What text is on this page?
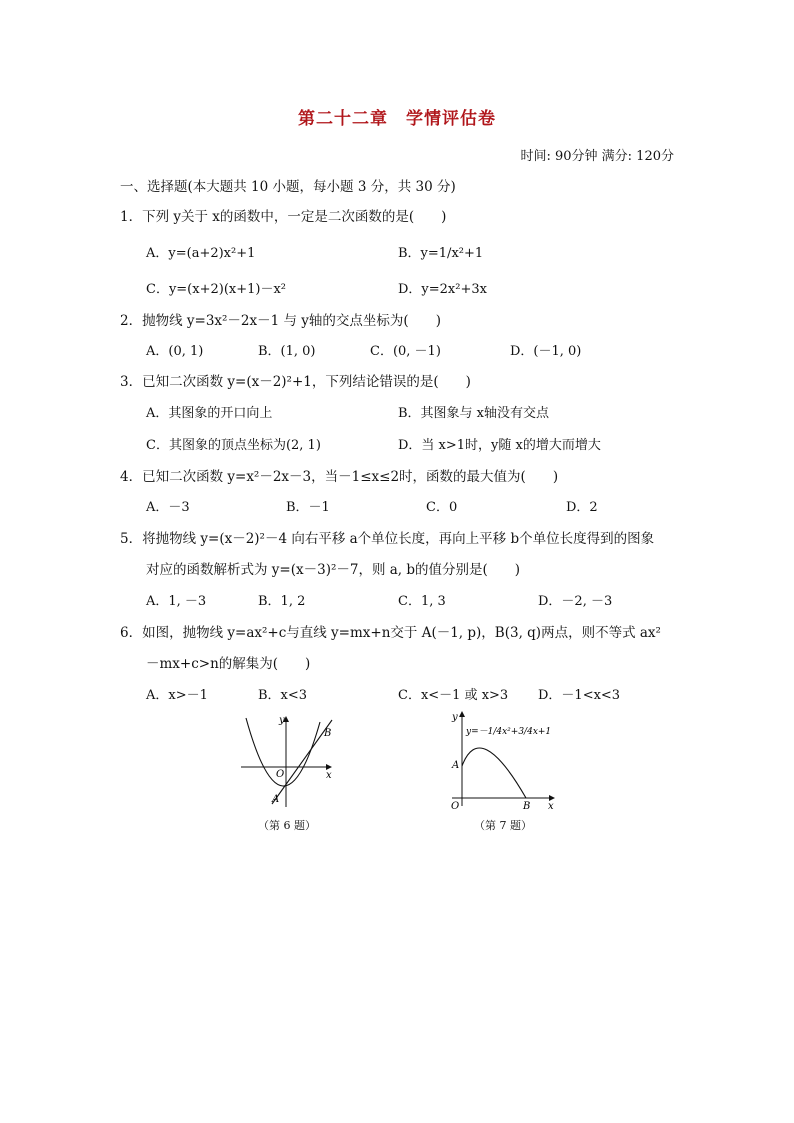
第二十二章　学情评估卷
时间: 90分钟 满分: 120分
一、选择题(本大题共 10 小题，每小题 3 分，共 30 分)
1．下列 y关于 x的函数中，一定是二次函数的是(　　)
A．y=(a+2)x²+1	B．y=1/x²+1
C．y=(x+2)(x+1)－x²	D．y=2x²+3x
2．抛物线 y=3x²－2x－1 与 y轴的交点坐标为(　　)
A．(0, 1)	B．(1, 0)	C．(0, －1)	D．(－1, 0)
3．已知二次函数 y=(x－2)²+1，下列结论错误的是(　　)
A．其图象的开口向上	B．其图象与 x轴没有交点
C．其图象的顶点坐标为(2, 1)	D．当 x>1时，y随 x的增大而增大
4．已知二次函数 y=x²－2x－3，当－1≤x≤2时，函数的最大值为(　　)
A．－3	B．－1	C．0	D．2
5．将抛物线 y=(x－2)²－4 向右平移 a个单位长度，再向上平移 b个单位长度得到的图象
对应的函数解析式为 y=(x－3)²－7，则 a, b的值分别是(　　)
A．1, －3	B．1, 2	C．1, 3	D．－2, －3
6．如图，抛物线 y=ax²+c与直线 y=mx+n交于 A(－1, p)，B(3, q)两点，则不等式 ax²
－mx+c>n的解集为(　　)
A．x>－1	B．x<3	C．x<－1 或 x>3 D．－1<x<3
y
x
O
A
B
（第 6 题）
y
x
O
A
B
y=－1/4x²+3/4x+1
（第 7 题）
